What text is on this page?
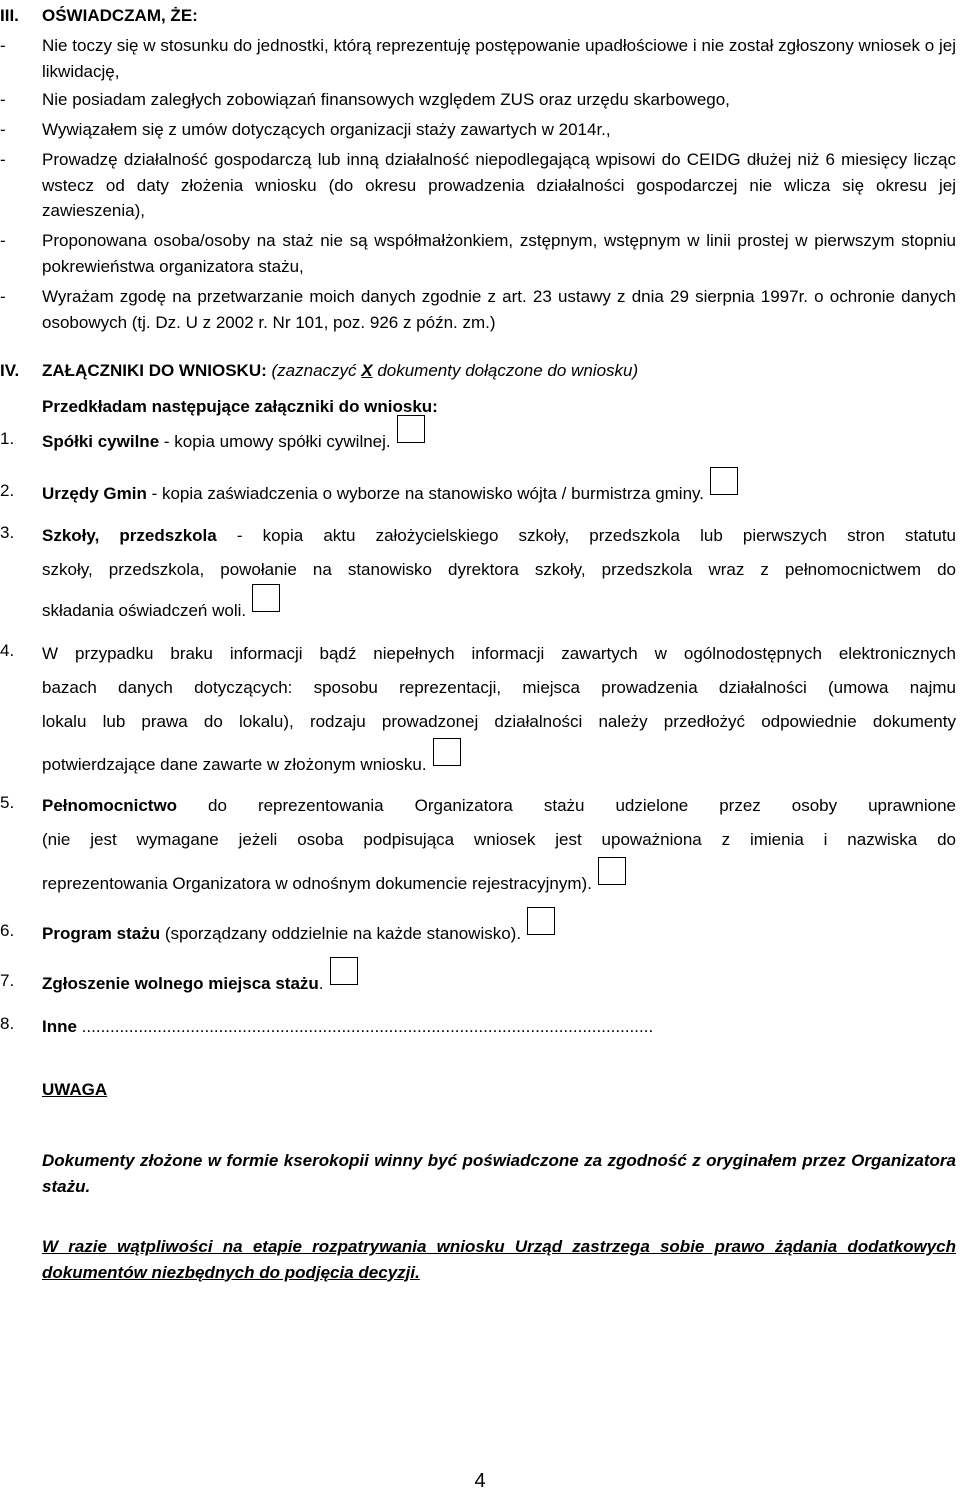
III. OŚWIADCZAM, ŻE:
-	Nie toczy się w stosunku do jednostki, którą reprezentuję postępowanie upadłościowe i nie został zgłoszony wniosek o jej likwidację,
-	Nie posiadam zaległych zobowiązań finansowych względem ZUS oraz urzędu skarbowego,
-	Wywiązałem się z umów dotyczących organizacji staży zawartych w 2014r.,
-	Prowadzę działalność gospodarczą lub inną działalność niepodlegającą wpisowi do CEIDG dłużej niż 6 miesięcy licząc wstecz od daty złożenia wniosku (do okresu prowadzenia działalności gospodarczej nie wlicza się okresu jej zawieszenia),
-	Proponowana osoba/osoby na staż nie są współmałżonkiem, zstępnym, wstępnym w linii prostej w pierwszym stopniu pokrewieństwa organizatora stażu,
-	Wyrażam zgodę na przetwarzanie moich danych zgodnie z art. 23 ustawy z dnia 29 sierpnia 1997r. o ochronie danych osobowych (tj. Dz. U z 2002 r. Nr 101, poz. 926 z późn. zm.)
IV. ZAŁĄCZNIKI DO WNIOSKU: (zaznaczyć X dokumenty dołączone do wniosku)
Przedkładam następujące załączniki do wniosku:
1.	Spółki cywilne - kopia umowy spółki cywilnej.
2.	Urzędy Gmin - kopia zaświadczenia o wyborze na stanowisko wójta / burmistrza gminy.
3.	Szkoły, przedszkola - kopia aktu założycielskiego szkoły, przedszkola lub pierwszych stron statutu
szkoły, przedszkola, powołanie na stanowisko dyrektora szkoły, przedszkola wraz z pełnomocnictwem do
składania oświadczeń woli.
4.	W przypadku braku informacji bądź niepełnych informacji zawartych w ogólnodostępnych elektronicznych
bazach danych dotyczących: sposobu reprezentacji, miejsca prowadzenia działalności (umowa najmu
lokalu lub prawa do lokalu), rodzaju prowadzonej działalności należy przedłożyć odpowiednie dokumenty
potwierdzające dane zawarte w złożonym wniosku.
5.	Pełnomocnictwo do reprezentowania Organizatora stażu udzielone przez osoby uprawnione
(nie jest wymagane jeżeli osoba podpisująca wniosek jest upoważniona z imienia i nazwiska do
reprezentowania Organizatora w odnośnym dokumencie rejestracyjnym).
6.	Program stażu (sporządzany oddzielnie na każde stanowisko).
7.	Zgłoszenie wolnego miejsca stażu.
8.	Inne .........................................................................................................................
UWAGA
Dokumenty złożone w formie kserokopii winny być poświadczone za zgodność z oryginałem przez Organizatora stażu.
W razie wątpliwości na etapie rozpatrywania wniosku Urząd zastrzega sobie prawo żądania dodatkowych dokumentów niezbędnych do podjęcia decyzji.
4
